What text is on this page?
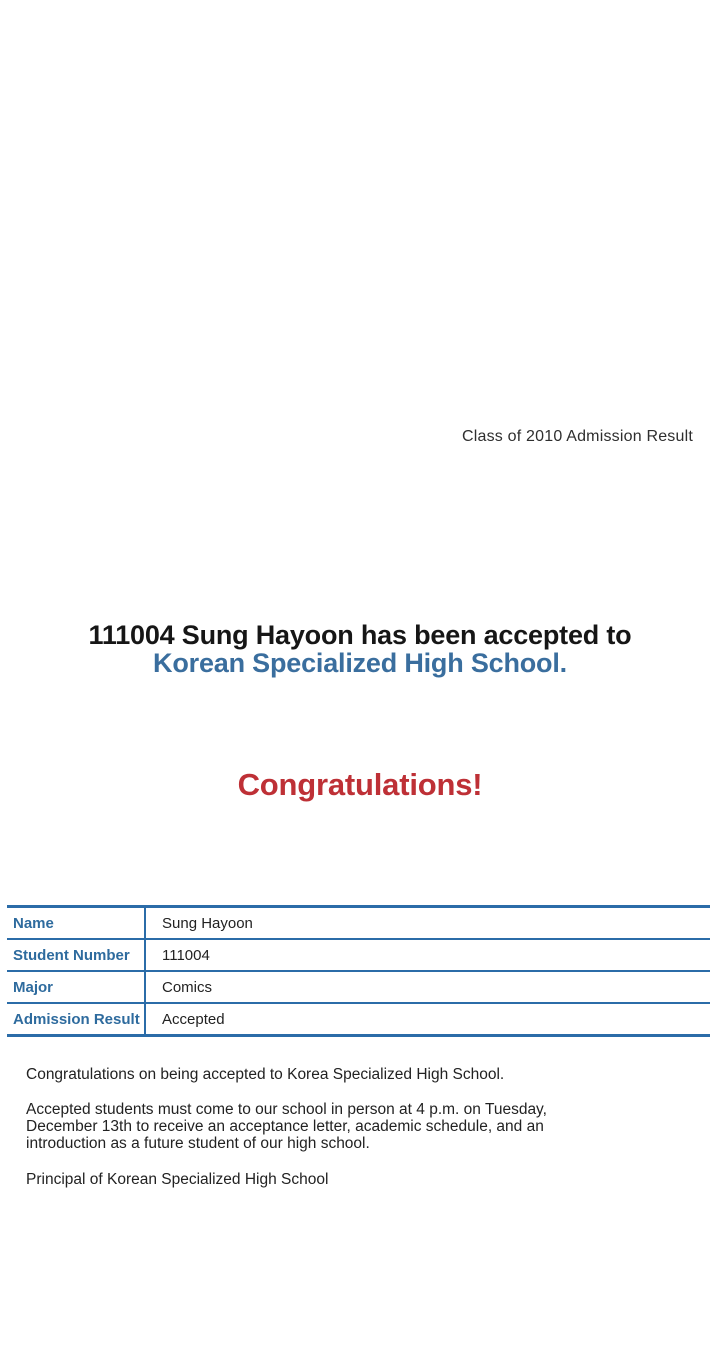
Class of 2010 Admission Result
111004 Sung Hayoon has been accepted to
Korean Specialized High School.
Congratulations!
Name	Sung Hayoon
Student Number	111004
Major	Comics
Admission Result	Accepted

Congratulations on being accepted to Korea Specialized High School.

Accepted students must come to our school in person at 4 p.m. on Tuesday,
December 13th to receive an acceptance letter, academic schedule, and an
introduction as a future student of our high school.

Principal of Korean Specialized High School
